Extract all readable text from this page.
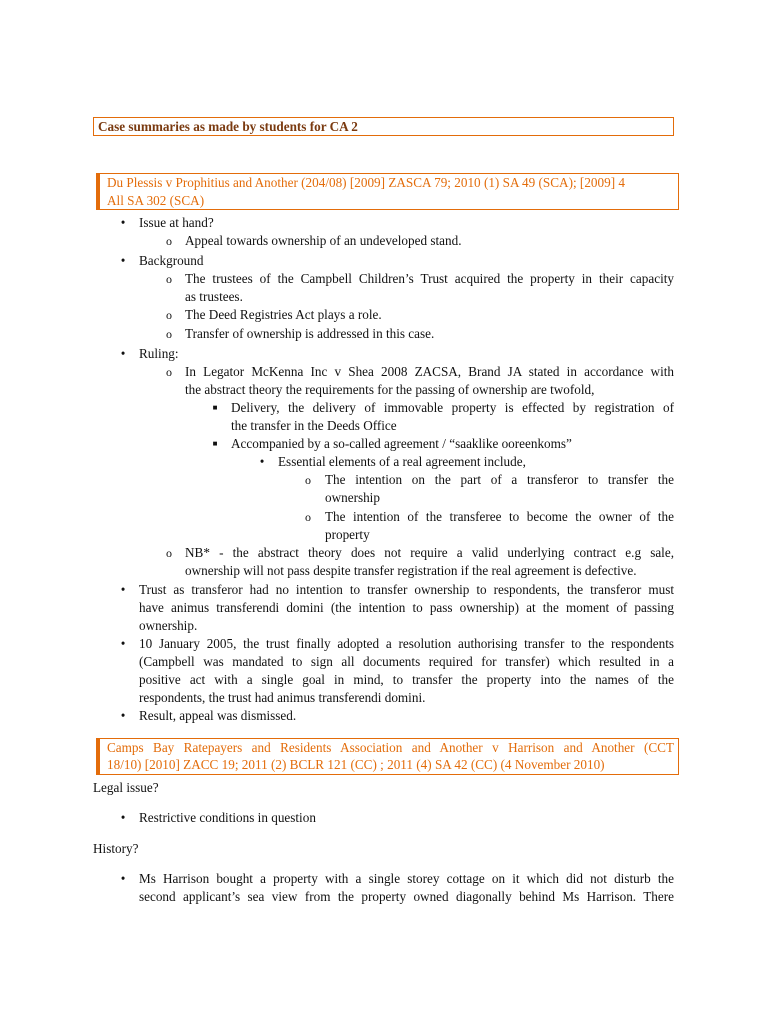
Case summaries as made by students for CA 2
Du Plessis v Prophitius and Another (204/08) [2009] ZASCA 79; 2010 (1) SA 49 (SCA); [2009] 4
All SA 302 (SCA)
•
Issue at hand?
o Appeal towards ownership of an undeveloped stand.
•
Background
o The trustees of the Campbell Children’s Trust acquired the property in their capacity
as trustees.
o The Deed Registries Act plays a role.
o Transfer of ownership is addressed in this case.
•
Ruling:
o In Legator McKenna Inc v Shea 2008 ZACSA, Brand JA stated in accordance with
the abstract theory the requirements for the passing of ownership are twofold,
■	Delivery, the delivery of immovable property is effected by registration of
the transfer in the Deeds Office
■	Accompanied by a so-called agreement / “saaklike ooreenkoms”
•
Essential elements of a real agreement include,
o	The intention on the part of a transferor to transfer the
ownership
o	The intention of the transferee to become the owner of the
property
o NB* - the abstract theory does not require a valid underlying contract e.g sale,
ownership will not pass despite transfer registration if the real agreement is defective.
•
Trust as transferor had no intention to transfer ownership to respondents, the transferor must
have animus transferendi domini (the intention to pass ownership) at the moment of passing
ownership.
•
10 January 2005, the trust finally adopted a resolution authorising transfer to the respondents
(Campbell was mandated to sign all documents required for transfer) which resulted in a
positive act with a single goal in mind, to transfer the property into the names of the
respondents, the trust had animus transferendi domini.
•
Result, appeal was dismissed.
Camps Bay Ratepayers and Residents Association and Another v Harrison and Another (CCT
18/10) [2010] ZACC 19; 2011 (2) BCLR 121 (CC) ; 2011 (4) SA 42 (CC) (4 November 2010)
Legal issue?
•
Restrictive conditions in question
History?
•
Ms Harrison bought a property with a single storey cottage on it which did not disturb the
second applicant’s sea view from the property owned diagonally behind Ms Harrison. There
